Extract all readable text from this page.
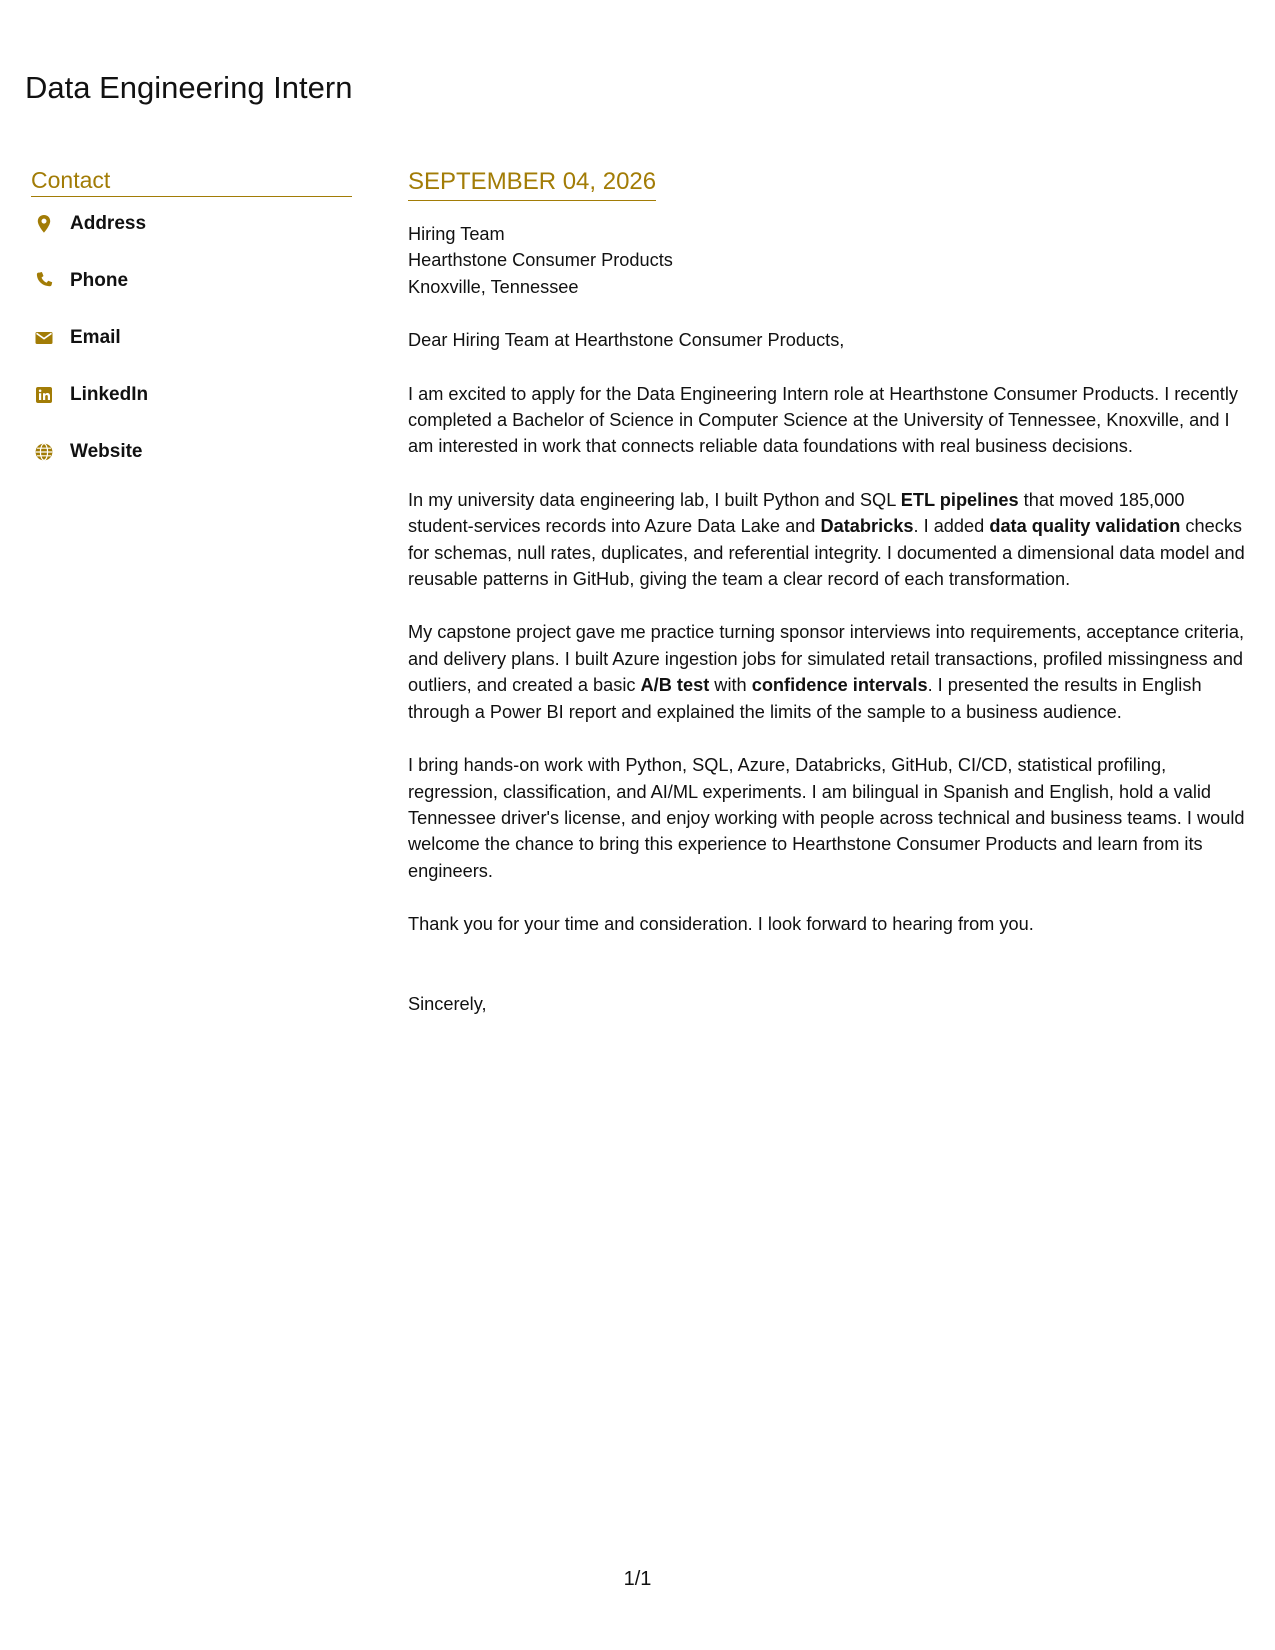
Data Engineering Intern
Contact
Address
Phone
Email
LinkedIn
Website
SEPTEMBER 04, 2026
Hiring Team
Hearthstone Consumer Products
Knoxville, Tennessee
Dear Hiring Team at Hearthstone Consumer Products,

I am excited to apply for the Data Engineering Intern role at Hearthstone Consumer Products. I recently completed a Bachelor of Science in Computer Science at the University of Tennessee, Knoxville, and I am interested in work that connects reliable data foundations with real business decisions.

In my university data engineering lab, I built Python and SQL ETL pipelines that moved 185,000 student-services records into Azure Data Lake and Databricks. I added data quality validation checks for schemas, null rates, duplicates, and referential integrity. I documented a dimensional data model and reusable patterns in GitHub, giving the team a clear record of each transformation.

My capstone project gave me practice turning sponsor interviews into requirements, acceptance criteria, and delivery plans. I built Azure ingestion jobs for simulated retail transactions, profiled missingness and outliers, and created a basic A/B test with confidence intervals. I presented the results in English through a Power BI report and explained the limits of the sample to a business audience.

I bring hands-on work with Python, SQL, Azure, Databricks, GitHub, CI/CD, statistical profiling, regression, classification, and AI/ML experiments. I am bilingual in Spanish and English, hold a valid Tennessee driver's license, and enjoy working with people across technical and business teams. I would welcome the chance to bring this experience to Hearthstone Consumer Products and learn from its engineers.

Thank you for your time and consideration. I look forward to hearing from you.

Sincerely,
1/1
